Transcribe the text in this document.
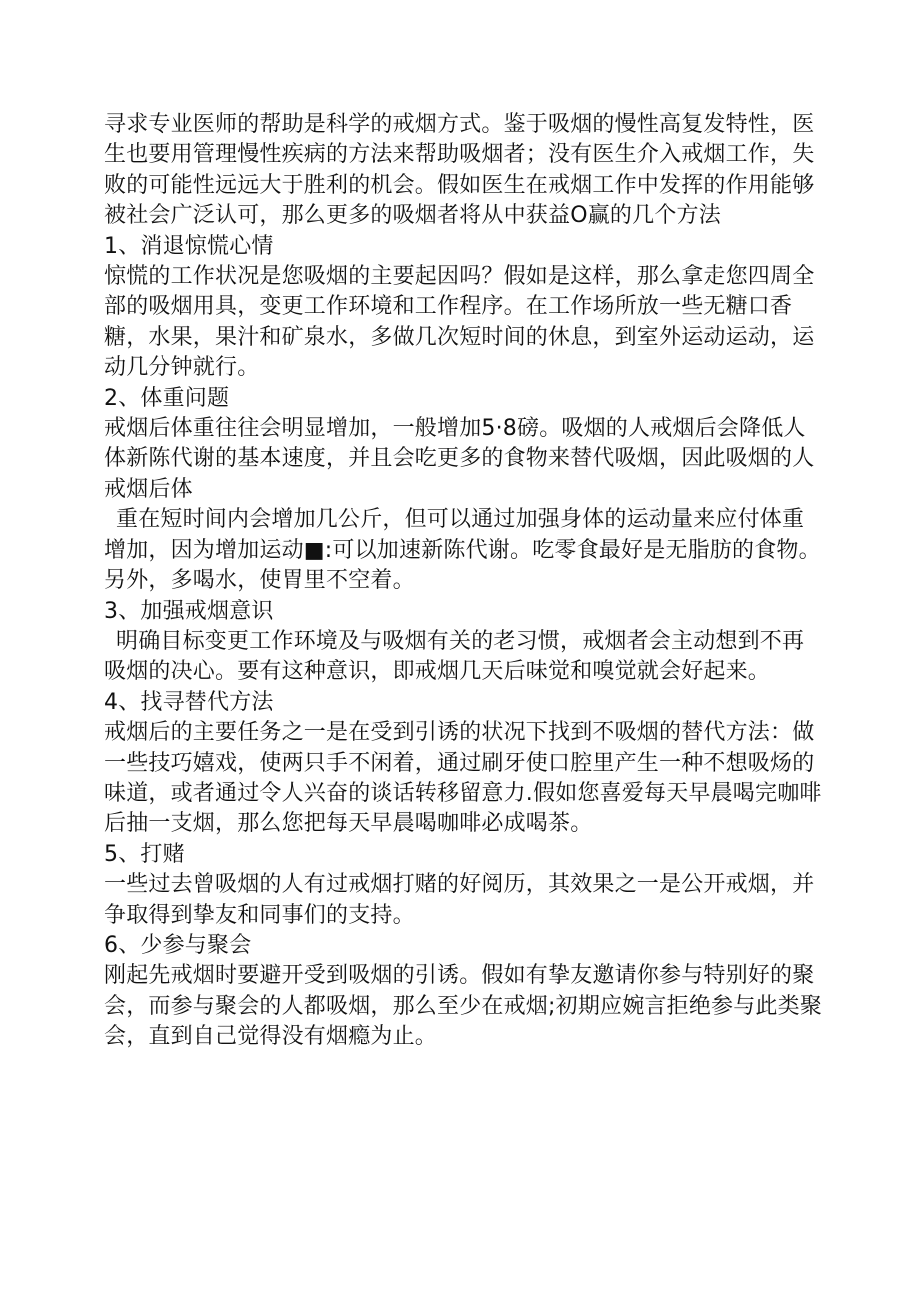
寻求专业医师的帮助是科学的戒烟方式。鉴于吸烟的慢性高复发特性，医生也要用管理慢性疾病的方法来帮助吸烟者；没有医生介入戒烟工作，失败的可能性远远大于胜利的机会。假如医生在戒烟工作中发挥的作用能够被社会广泛认可，那么更多的吸烟者将从中获益O赢的几个方法

1、消退惊慌心情

惊慌的工作状况是您吸烟的主要起因吗？假如是这样，那么拿走您四周全部的吸烟用具，变更工作环境和工作程序。在工作场所放一些无糖口香糖，水果，果汁和矿泉水，多做几次短时间的休息，到室外运动运动，运动几分钟就行。

2、体重问题

戒烟后体重往往会明显增加，一般增加5·8磅。吸烟的人戒烟后会降低人体新陈代谢的基本速度，并且会吃更多的食物来替代吸烟，因此吸烟的人戒烟后体

重在短时间内会增加几公斤，但可以通过加强身体的运动量来应付体重增加，因为增加运动■:可以加速新陈代谢。吃零食最好是无脂肪的食物。另外，多喝水，使胃里不空着。

3、加强戒烟意识

明确目标变更工作环境及与吸烟有关的老习惯，戒烟者会主动想到不再吸烟的决心。要有这种意识，即戒烟几天后味觉和嗅觉就会好起来。

4、找寻替代方法

戒烟后的主要任务之一是在受到引诱的状况下找到不吸烟的替代方法：做一些技巧嬉戏，使两只手不闲着，通过刷牙使口腔里产生一种不想吸炀的味道，或者通过令人兴奋的谈话转移留意力.假如您喜爱每天早晨喝完咖啡后抽一支烟，那么您把每天早晨喝咖啡必成喝茶。

5、打赌

一些过去曾吸烟的人有过戒烟打赌的好阅历，其效果之一是公开戒烟，并争取得到挚友和同事们的支持。

6、少参与聚会

刚起先戒烟时要避开受到吸烟的引诱。假如有挚友邀请你参与特别好的聚会，而参与聚会的人都吸烟，那么至少在戒烟;初期应婉言拒绝参与此类聚会，直到自己觉得没有烟瘾为止。
